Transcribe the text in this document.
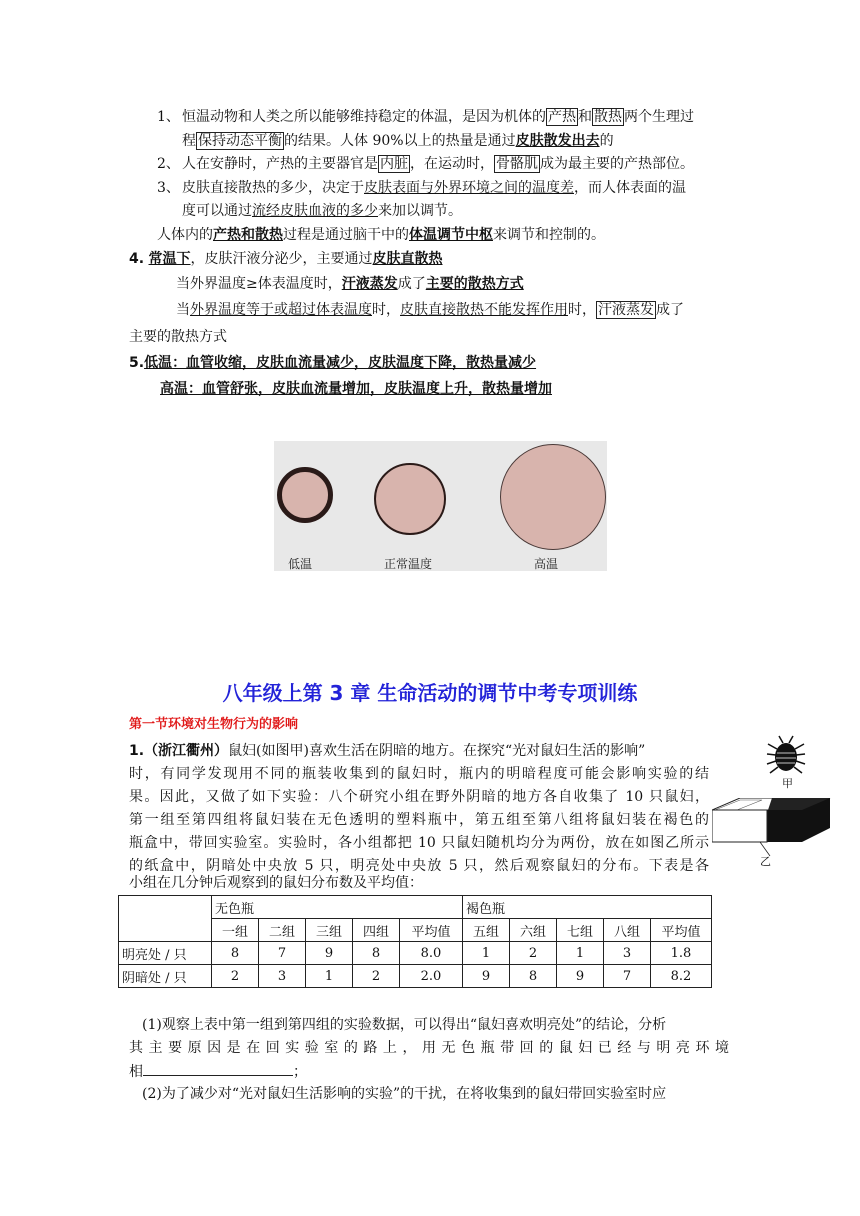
1、 恒温动物和人类之所以能够维持稳定的体温，是因为机体的 产热 和 散热 两个生理过
程 保持动态平衡 的结果。人体 90%以上的热量是通过皮肤散发出去的
2、 人在安静时，产热的主要器官是 内脏 ，在运动时， 骨骼肌 成为最主要的产热部位。
3、 皮肤直接散热的多少，决定于皮肤表面与外界环境之间的温度差，而人体表面的温
度可以通过流经皮肤血液的多少来加以调节。
人体内的产热和散热过程是通过脑干中的体温调节中枢来调节和控制的。
4. 常温下，皮肤汗液分泌少，主要通过皮肤直散热
当外界温度≥体表温度时，汗液蒸发成了主要的散热方式
当外界温度等于或超过体表温度时，皮肤直接散热不能发挥作用时， 汗液蒸发 成了
主要的散热方式
5.低温：血管收缩，皮肤血流量减少，皮肤温度下降，散热量减少
高温：血管舒张，皮肤血流量增加，皮肤温度上升，散热量增加
低温	正常温度	高温
八年级上第 3 章 生命活动的调节中考专项训练
第一节环境对生物行为的影响
1.（浙江衢州）鼠妇(如图甲)喜欢生活在阴暗的地方。在探究“光对鼠妇生活的影响”
时，有同学发现用不同的瓶装收集到的鼠妇时，瓶内的明暗程度可能会影响实验的结
果。因此，又做了如下实验：八个研究小组在野外阴暗的地方各自收集了 10 只鼠妇，
第一组至第四组将鼠妇装在无色透明的塑料瓶中，第五组至第八组将鼠妇装在褐色的
瓶盒中，带回实验室。实验时，各小组都把 10 只鼠妇随机均分为两份，放在如图乙所示
的纸盒中，阴暗处中央放 5 只，明亮处中央放 5 只，然后观察鼠妇的分布。下表是各
小组在几分钟后观察到的鼠妇分布数及平均值：
甲
乙
	无色瓶					褐色瓶				
	一组	二组	三组	四组	平均值	五组	六组	七组	八组	平均值
明亮处 / 只	8	7	9	8	8.0	1	2	1	3	1.8
阴暗处 / 只	2	3	1	2	2.0	9	8	9	7	8.2
(1)观察上表中第一组到第四组的实验数据，可以得出“鼠妇喜欢明亮处”的结论，分析
其主要原因是在回实验室的路上，用无色瓶带回的鼠妇已经与明亮环境
相	；
(2)为了减少对“光对鼠妇生活影响的实验”的干扰，在将收集到的鼠妇带回实验室时应
